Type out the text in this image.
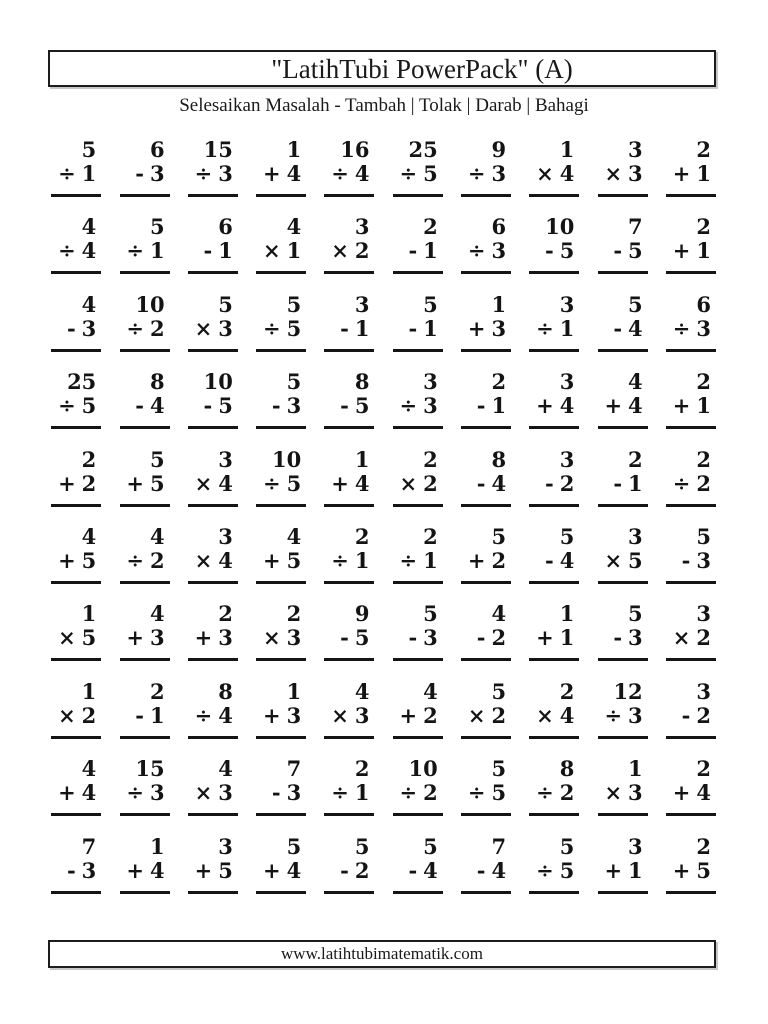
"LatihTubi PowerPack" (A)
Selesaikan Masalah - Tambah | Tolak | Darab | Bahagi
5
÷ 1
6
- 3
15
÷ 3
1
+ 4
16
÷ 4
25
÷ 5
9
÷ 3
1
× 4
3
× 3
2
+ 1
4
÷ 4
5
÷ 1
6
- 1
4
× 1
3
× 2
2
- 1
6
÷ 3
10
- 5
7
- 5
2
+ 1
4
- 3
10
÷ 2
5
× 3
5
÷ 5
3
- 1
5
- 1
1
+ 3
3
÷ 1
5
- 4
6
÷ 3
25
÷ 5
8
- 4
10
- 5
5
- 3
8
- 5
3
÷ 3
2
- 1
3
+ 4
4
+ 4
2
+ 1
2
+ 2
5
+ 5
3
× 4
10
÷ 5
1
+ 4
2
× 2
8
- 4
3
- 2
2
- 1
2
÷ 2
4
+ 5
4
÷ 2
3
× 4
4
+ 5
2
÷ 1
2
÷ 1
5
+ 2
5
- 4
3
× 5
5
- 3
1
× 5
4
+ 3
2
+ 3
2
× 3
9
- 5
5
- 3
4
- 2
1
+ 1
5
- 3
3
× 2
1
× 2
2
- 1
8
÷ 4
1
+ 3
4
× 3
4
+ 2
5
× 2
2
× 4
12
÷ 3
3
- 2
4
+ 4
15
÷ 3
4
× 3
7
- 3
2
÷ 1
10
÷ 2
5
÷ 5
8
÷ 2
1
× 3
2
+ 4
7
- 3
1
+ 4
3
+ 5
5
+ 4
5
- 2
5
- 4
7
- 4
5
÷ 5
3
+ 1
2
+ 5
www.latihtubimatematik.com
